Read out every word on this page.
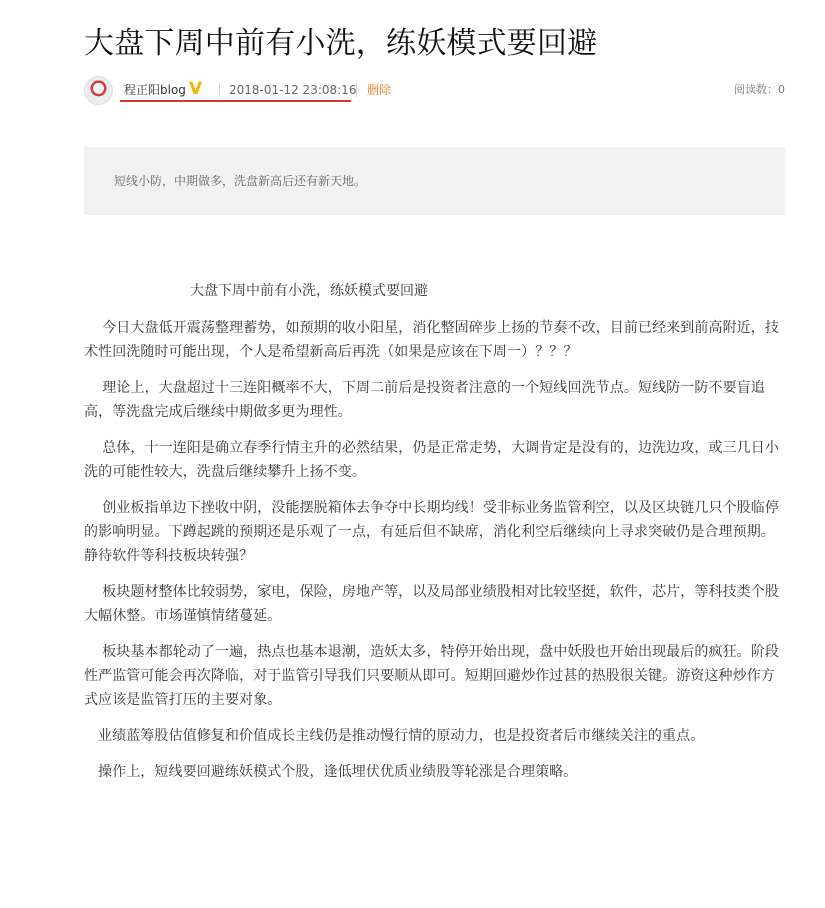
大盘下周中前有小洗，练妖模式要回避
程正阳blog V 2018-01-12 23:08:16 删除	阅读数：0
短线小防，中期做多，洗盘新高后还有新天地。
大盘下周中前有小洗，练妖模式要回避

今日大盘低开震荡整理蓄势，如预期的收小阳星，消化整固碎步上扬的节奏不改，目前已经来到前高附近，技术性回洗随时可能出现，个人是希望新高后再洗（如果是应该在下周一）？？？

理论上，大盘超过十三连阳概率不大，下周二前后是投资者注意的一个短线回洗节点。短线防一防不要盲追高，等洗盘完成后继续中期做多更为理性。

总体，十一连阳是确立春季行情主升的必然结果，仍是正常走势，大调肯定是没有的，边洗边攻，或三几日小洗的可能性较大，洗盘后继续攀升上扬不变。

创业板指单边下挫收中阴，没能摆脱箱体去争夺中长期均线！受非标业务监管利空，以及区块链几只个股临停的影响明显。下蹲起跳的预期还是乐观了一点，有延后但不缺席，消化利空后继续向上寻求突破仍是合理预期。静待软件等科技板块转强？

板块题材整体比较弱势，家电，保险，房地产等，以及局部业绩股相对比较坚挺，软件，芯片，等科技类个股大幅休整。市场谨慎情绪蔓延。

板块基本都轮动了一遍，热点也基本退潮，造妖太多，特停开始出现，盘中妖股也开始出现最后的疯狂。阶段性严监管可能会再次降临，对于监管引导我们只要顺从即可。短期回避炒作过甚的热股很关键。游资这种炒作方式应该是监管打压的主要对象。

业绩蓝筹股估值修复和价值成长主线仍是推动慢行情的原动力，也是投资者后市继续关注的重点。

操作上，短线要回避练妖模式个股，逢低埋伏优质业绩股等轮涨是合理策略。
